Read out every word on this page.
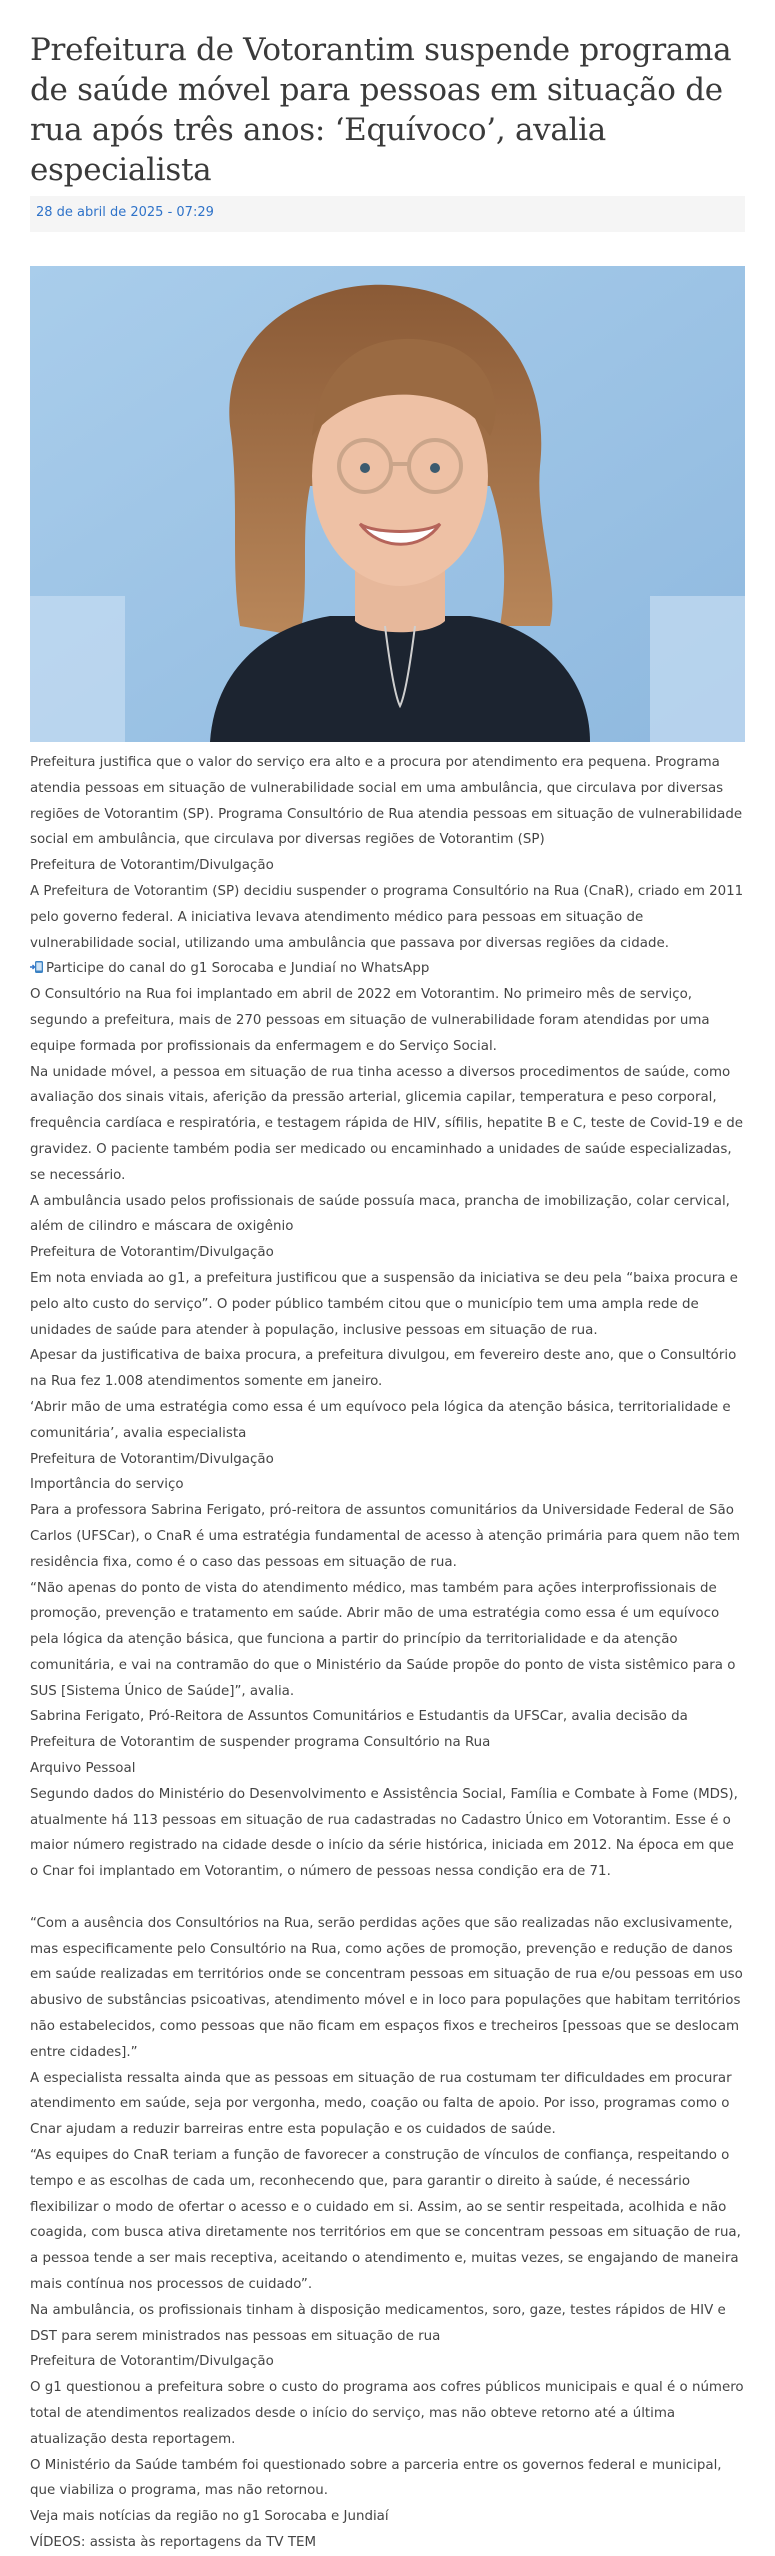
Prefeitura de Votorantim suspende programa de saúde móvel para pessoas em situação de rua após três anos: ‘Equívoco’, avalia especialista
28 de abril de 2025 - 07:29

Prefeitura justifica que o valor do serviço era alto e a procura por atendimento era pequena. Programa atendia pessoas em situação de vulnerabilidade social em uma ambulância, que circulava por diversas regiões de Votorantim (SP). Programa Consultório de Rua atendia pessoas em situação de vulnerabilidade social em ambulância, que circulava por diversas regiões de Votorantim (SP)

Prefeitura de Votorantim/Divulgação

A Prefeitura de Votorantim (SP) decidiu suspender o programa Consultório na Rua (CnaR), criado em 2011 pelo governo federal. A iniciativa levava atendimento médico para pessoas em situação de vulnerabilidade social, utilizando uma ambulância que passava por diversas regiões da cidade.

Participe do canal do g1 Sorocaba e Jundiaí no WhatsApp

O Consultório na Rua foi implantado em abril de 2022 em Votorantim. No primeiro mês de serviço, segundo a prefeitura, mais de 270 pessoas em situação de vulnerabilidade foram atendidas por uma equipe formada por profissionais da enfermagem e do Serviço Social.

Na unidade móvel, a pessoa em situação de rua tinha acesso a diversos procedimentos de saúde, como avaliação dos sinais vitais, aferição da pressão arterial, glicemia capilar, temperatura e peso corporal, frequência cardíaca e respiratória, e testagem rápida de HIV, sífilis, hepatite B e C, teste de Covid-19 e de gravidez. O paciente também podia ser medicado ou encaminhado a unidades de saúde especializadas, se necessário.

A ambulância usado pelos profissionais de saúde possuía maca, prancha de imobilização, colar cervical, além de cilindro e máscara de oxigênio

Prefeitura de Votorantim/Divulgação

Em nota enviada ao g1, a prefeitura justificou que a suspensão da iniciativa se deu pela “baixa procura e pelo alto custo do serviço”. O poder público também citou que o município tem uma ampla rede de unidades de saúde para atender à população, inclusive pessoas em situação de rua.

Apesar da justificativa de baixa procura, a prefeitura divulgou, em fevereiro deste ano, que o Consultório na Rua fez 1.008 atendimentos somente em janeiro.

‘Abrir mão de uma estratégia como essa é um equívoco pela lógica da atenção básica, territorialidade e comunitária’, avalia especialista

Prefeitura de Votorantim/Divulgação

Importância do serviço

Para a professora Sabrina Ferigato, pró-reitora de assuntos comunitários da Universidade Federal de São Carlos (UFSCar), o CnaR é uma estratégia fundamental de acesso à atenção primária para quem não tem residência fixa, como é o caso das pessoas em situação de rua.

“Não apenas do ponto de vista do atendimento médico, mas também para ações interprofissionais de promoção, prevenção e tratamento em saúde. Abrir mão de uma estratégia como essa é um equívoco pela lógica da atenção básica, que funciona a partir do princípio da territorialidade e da atenção comunitária, e vai na contramão do que o Ministério da Saúde propõe do ponto de vista sistêmico para o SUS [Sistema Único de Saúde]”, avalia.

Sabrina Ferigato, Pró-Reitora de Assuntos Comunitários e Estudantis da UFSCar, avalia decisão da Prefeitura de Votorantim de suspender programa Consultório na Rua

Arquivo Pessoal

Segundo dados do Ministério do Desenvolvimento e Assistência Social, Família e Combate à Fome (MDS), atualmente há 113 pessoas em situação de rua cadastradas no Cadastro Único em Votorantim. Esse é o maior número registrado na cidade desde o início da série histórica, iniciada em 2012. Na época em que o Cnar foi implantado em Votorantim, o número de pessoas nessa condição era de 71.

“Com a ausência dos Consultórios na Rua, serão perdidas ações que são realizadas não exclusivamente, mas especificamente pelo Consultório na Rua, como ações de promoção, prevenção e redução de danos em saúde realizadas em territórios onde se concentram pessoas em situação de rua e/ou pessoas em uso abusivo de substâncias psicoativas, atendimento móvel e in loco para populações que habitam territórios não estabelecidos, como pessoas que não ficam em espaços fixos e trecheiros [pessoas que se deslocam entre cidades].”

A especialista ressalta ainda que as pessoas em situação de rua costumam ter dificuldades em procurar atendimento em saúde, seja por vergonha, medo, coação ou falta de apoio. Por isso, programas como o Cnar ajudam a reduzir barreiras entre esta população e os cuidados de saúde.

“As equipes do CnaR teriam a função de favorecer a construção de vínculos de confiança, respeitando o tempo e as escolhas de cada um, reconhecendo que, para garantir o direito à saúde, é necessário flexibilizar o modo de ofertar o acesso e o cuidado em si. Assim, ao se sentir respeitada, acolhida e não coagida, com busca ativa diretamente nos territórios em que se concentram pessoas em situação de rua, a pessoa tende a ser mais receptiva, aceitando o atendimento e, muitas vezes, se engajando de maneira mais contínua nos processos de cuidado”.

Na ambulância, os profissionais tinham à disposição medicamentos, soro, gaze, testes rápidos de HIV e DST para serem ministrados nas pessoas em situação de rua

Prefeitura de Votorantim/Divulgação

O g1 questionou a prefeitura sobre o custo do programa aos cofres públicos municipais e qual é o número total de atendimentos realizados desde o início do serviço, mas não obteve retorno até a última atualização desta reportagem.

O Ministério da Saúde também foi questionado sobre a parceria entre os governos federal e municipal, que viabiliza o programa, mas não retornou.

Veja mais notícias da região no g1 Sorocaba e Jundiaí

VÍDEOS: assista às reportagens da TV TEM
